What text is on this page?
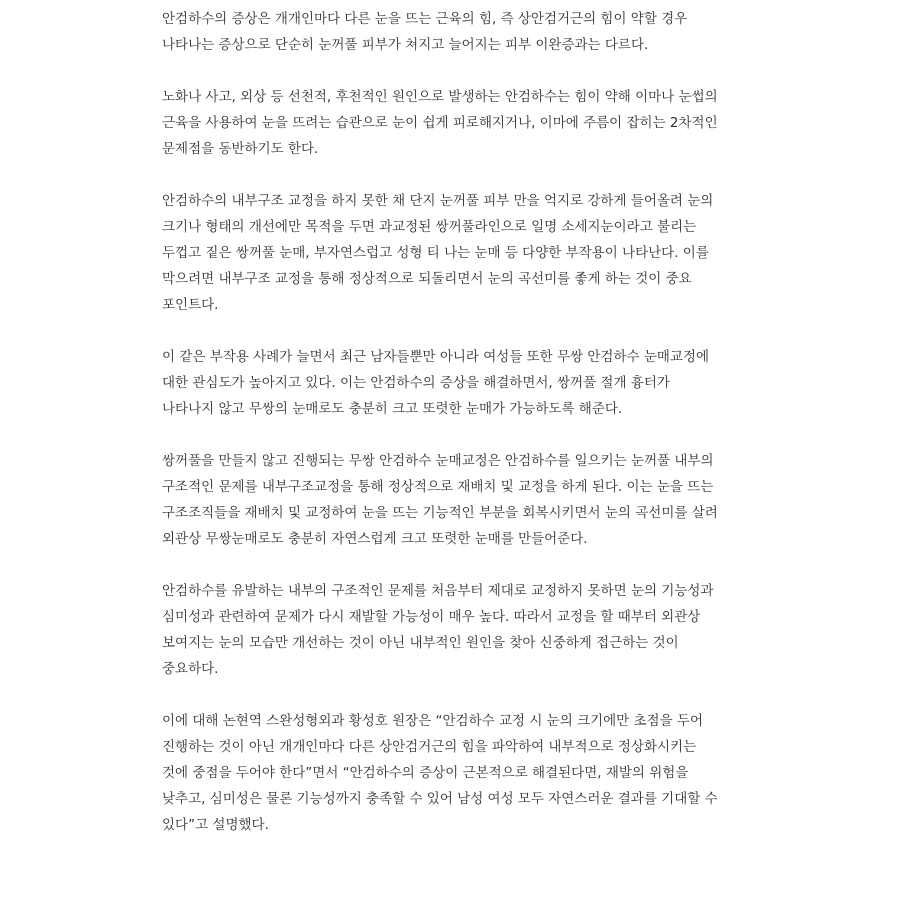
안검하수의 증상은 개개인마다 다른 눈을 뜨는 근육의 힘, 즉 상안검거근의 힘이 약할 경우 나타나는 증상으로 단순히 눈꺼풀 피부가 쳐지고 늘어지는 피부 이완증과는 다르다.

노화나 사고, 외상 등 선천적, 후천적인 원인으로 발생하는 안검하수는 힘이 약해 이마나 눈썹의 근육을 사용하여 눈을 뜨려는 습관으로 눈이 쉽게 피로해지거나, 이마에 주름이 잡히는 2차적인 문제점을 동반하기도 한다.

안검하수의 내부구조 교정을 하지 못한 채 단지 눈꺼풀 피부 만을 억지로 강하게 들어올려 눈의 크기나 형태의 개선에만 목적을 두면 과교정된 쌍꺼풀라인으로 일명 소세지눈이라고 불리는 두껍고 짙은 쌍꺼풀 눈매, 부자연스럽고 성형 티 나는 눈매 등 다양한 부작용이 나타난다. 이를 막으려면 내부구조 교정을 통해 정상적으로 되돌리면서 눈의 곡선미를 좋게 하는 것이 중요 포인트다.

이 같은 부작용 사례가 늘면서 최근 남자들뿐만 아니라 여성들 또한 무쌍 안검하수 눈매교정에 대한 관심도가 높아지고 있다. 이는 안검하수의 증상을 해결하면서, 쌍꺼풀 절개 흉터가 나타나지 않고 무쌍의 눈매로도 충분히 크고 또렷한 눈매가 가능하도록 해준다.

쌍꺼풀을 만들지 않고 진행되는 무쌍 안검하수 눈매교정은 안검하수를 일으키는 눈꺼풀 내부의 구조적인 문제를 내부구조교정을 통해 정상적으로 재배치 및 교정을 하게 된다. 이는 눈을 뜨는 구조조직들을 재배치 및 교정하여 눈을 뜨는 기능적인 부분을 회복시키면서 눈의 곡선미를 살려 외관상 무쌍눈매로도 충분히 자연스럽게 크고 또렷한 눈매를 만들어준다.

안검하수를 유발하는 내부의 구조적인 문제를 처음부터 제대로 교정하지 못하면 눈의 기능성과 심미성과 관련하여 문제가 다시 재발할 가능성이 매우 높다. 따라서 교정을 할 때부터 외관상 보여지는 눈의 모습만 개선하는 것이 아닌 내부적인 원인을 찾아 신중하게 접근하는 것이 중요하다.

이에 대해 논현역 스완성형외과 황성호 원장은 “안검하수 교정 시 눈의 크기에만 초점을 두어 진행하는 것이 아닌 개개인마다 다른 상안검거근의 힘을 파악하여 내부적으로 정상화시키는 것에 중점을 두어야 한다”면서 “안검하수의 증상이 근본적으로 해결된다면, 재발의 위험을 낮추고, 심미성은 물론 기능성까지 충족할 수 있어 남성 여성 모두 자연스러운 결과를 기대할 수 있다”고 설명했다.
